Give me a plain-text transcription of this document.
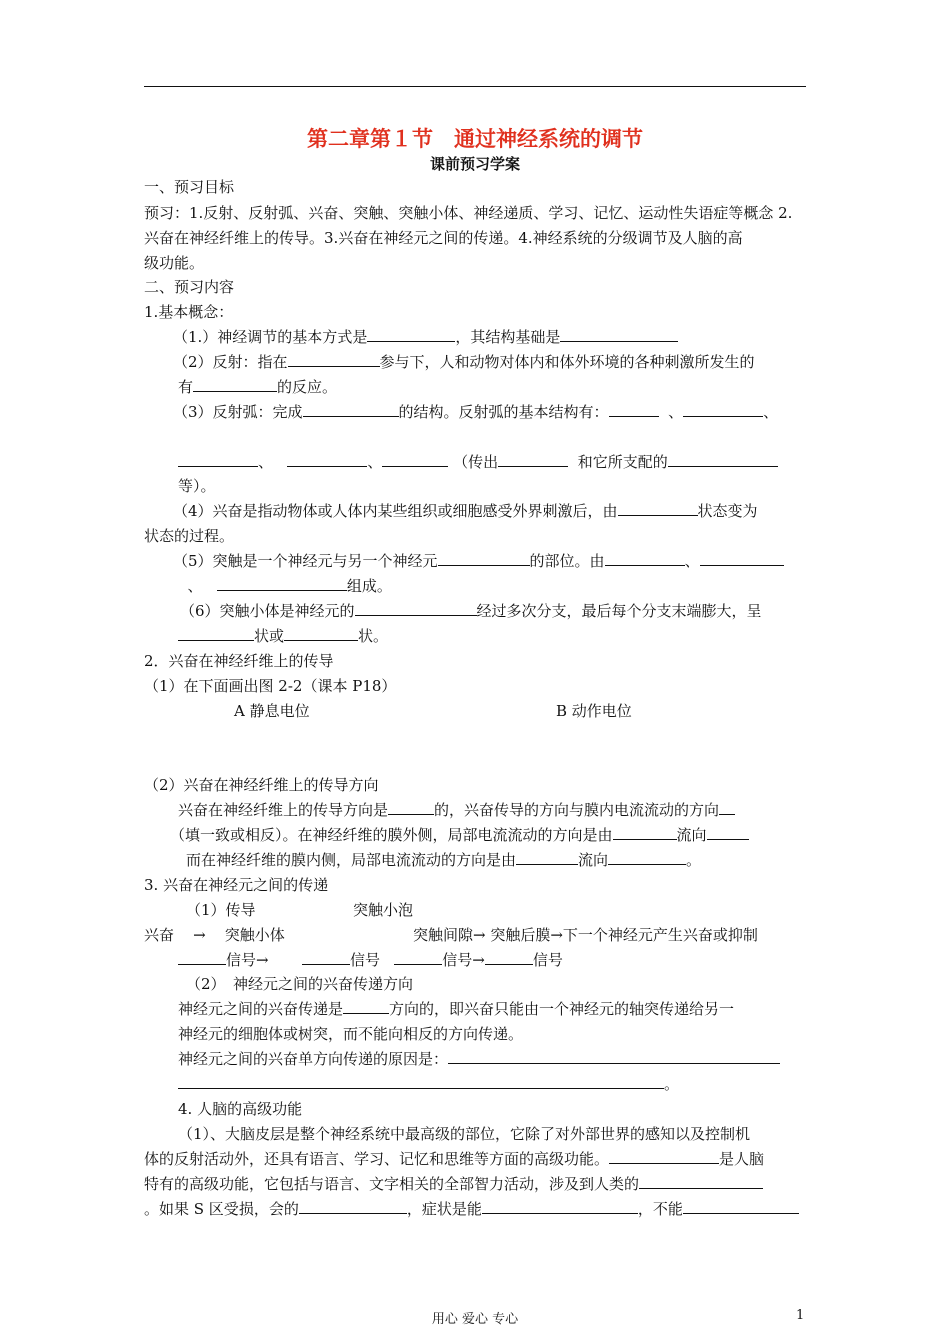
第二章第１节　通过神经系统的调节
课前预习学案
一、预习目标
预习：1.反射、反射弧、兴奋、突触、突触小体、神经递质、学习、记忆、运动性失语症等概念 2.
兴奋在神经纤维上的传导。3.兴奋在神经元之间的传递。4.神经系统的分级调节及人脑的高
级功能。
二、预习内容
1.基本概念：
（1.）神经调节的基本方式是	，其结构基础是
（2）反射：指在	参与下，人和动物对体内和体外环境的各种刺激所发生的
有	的反应。
（3）反射弧：完成	的结构。反射弧的基本结构有：	、	、
、	、	（传出	和它所支配的
等）。
（4）兴奋是指动物体或人体内某些组织或细胞感受外界刺激后，由	状态变为
状态的过程。
（5）突触是一个神经元与另一个神经元	的部位。由	、
、	组成。
（6）突触小体是神经元的	经过多次分支，最后每个分支末端膨大，呈
状或	状。
2．兴奋在神经纤维上的传导
（1）在下面画出图 2-2（课本 P18）
A 静息电位	B 动作电位
（2）兴奋在神经纤维上的传导方向
兴奋在神经纤维上的传导方向是	的，兴奋传导的方向与膜内电流流动的方向
（填一致或相反）。在神经纤维的膜外侧，局部电流流动的方向是由	流向
而在神经纤维的膜内侧，局部电流流动的方向是由	流向	。
3. 兴奋在神经元之间的传递
（1）传导	突触小泡
兴奋 → 突触小体	突触间隙→ 突触后膜→下一个神经元产生兴奋或抑制
信号→	信号	信号→	信号
（2）　神经元之间的兴奋传递方向
神经元之间的兴奋传递是	方向的，即兴奋只能由一个神经元的轴突传递给另一
神经元的细胞体或树突，而不能向相反的方向传递。
神经元之间的兴奋单方向传递的原因是：
。
4. 人脑的高级功能
（1）、大脑皮层是整个神经系统中最高级的部位，它除了对外部世界的感知以及控制机
体的反射活动外，还具有语言、学习、记忆和思维等方面的高级功能。	是人脑
特有的高级功能，它包括与语言、文字相关的全部智力活动，涉及到人类的
。如果 S 区受损，会的	，症状是能	，不能
用心 爱心 专心	1
